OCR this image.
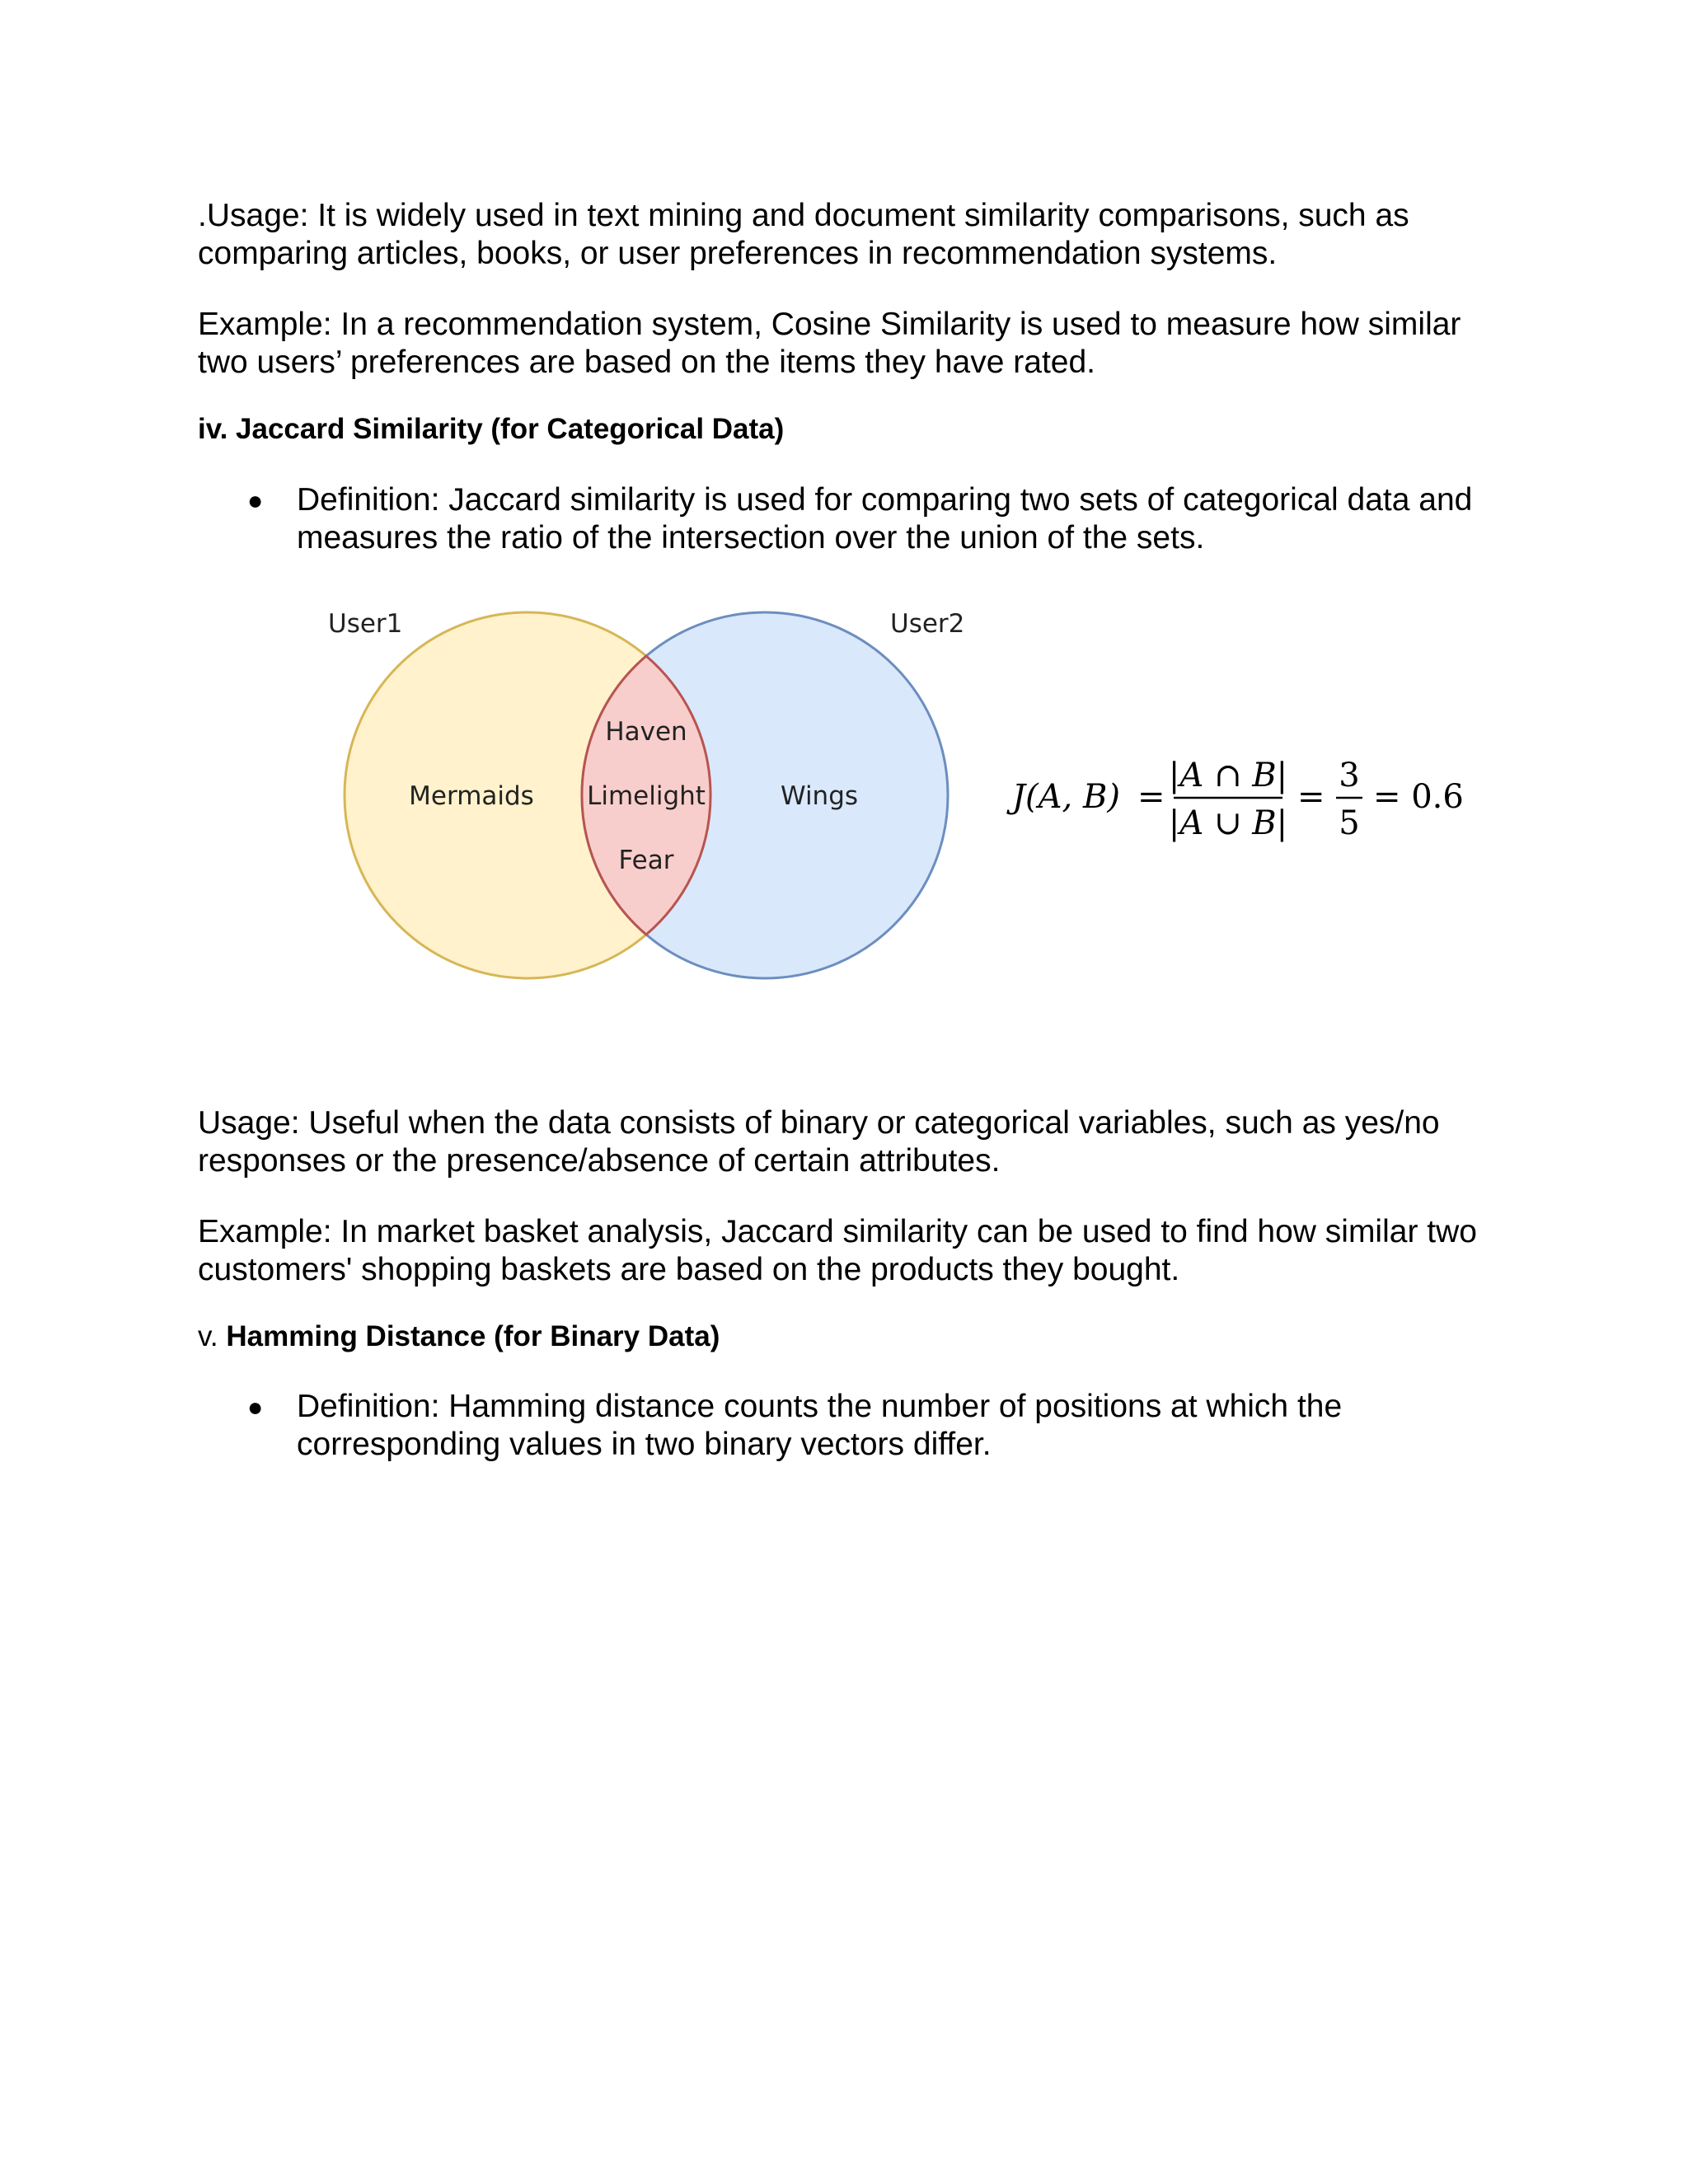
.Usage: It is widely used in text mining and document similarity comparisons, such as comparing articles, books, or user preferences in recommendation systems.

Example: In a recommendation system, Cosine Similarity is used to measure how similar two users’ preferences are based on the items they have rated.

iv. Jaccard Similarity (for Categorical Data)

● Definition: Jaccard similarity is used for comparing two sets of categorical data and measures the ratio of the intersection over the union of the sets.
User1	User2
Mermaids
Haven
Limelight
Fear
Wings	J(A, B) =
|A ∩ B|
|A ∪ B|
=
3
5
= 0.6

Usage: Useful when the data consists of binary or categorical variables, such as yes/no responses or the presence/absence of certain attributes.

Example: In market basket analysis, Jaccard similarity can be used to find how similar two customers' shopping baskets are based on the products they bought.

v. Hamming Distance (for Binary Data)

● Definition: Hamming distance counts the number of positions at which the corresponding values in two binary vectors differ.
